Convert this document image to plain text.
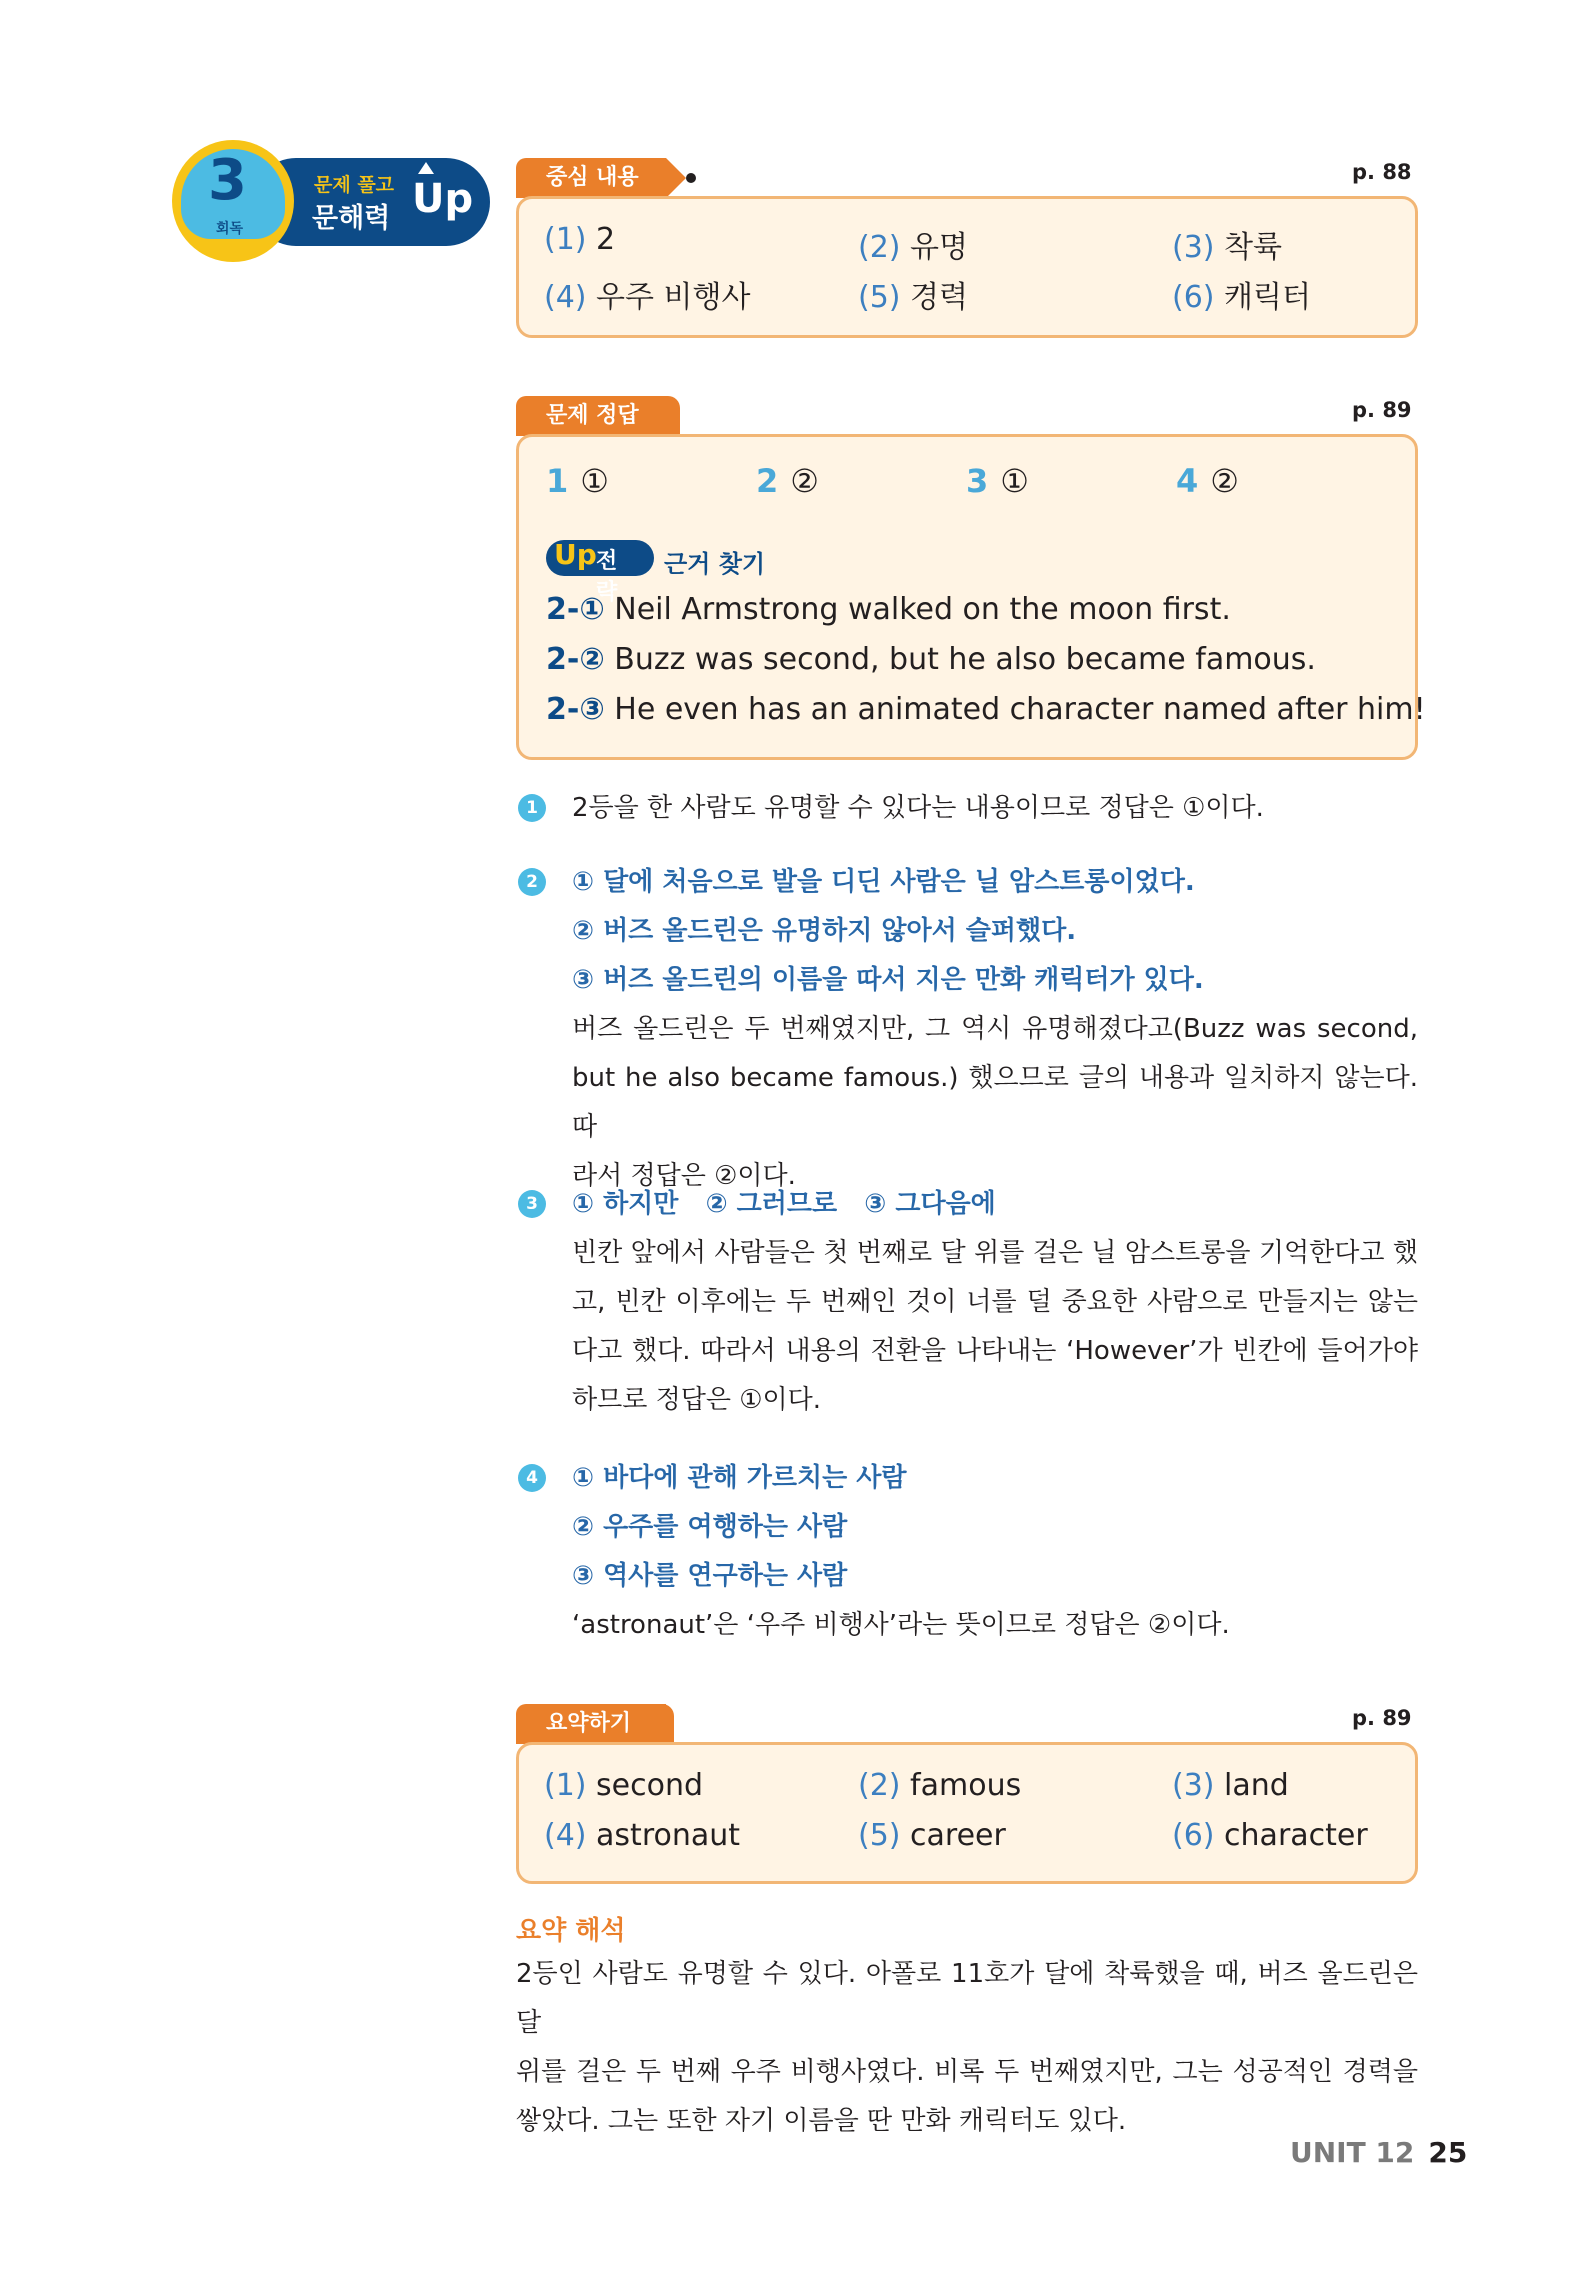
3
회독
문제 풀고
문해력 Up	중심 내용	p. 88
(1) 2	(2) 유명	(3) 착륙
(4) 우주 비행사	(5) 경력	(6) 캐릭터
문제 정답	p. 89
1 ①	2 ②	3 ①	4 ②
Up 전략
근거 찾기
2-① Neil Armstrong walked on the moon first.
2-② Buzz was second, but he also became famous.
2-③ He even has an animated character named after him!
1	2등을 한 사람도 유명할 수 있다는 내용이므로 정답은 ①이다.
2	① 달에 처음으로 발을 디딘 사람은 닐 암스트롱이었다.
② 버즈 올드린은 유명하지 않아서 슬퍼했다.
③ 버즈 올드린의 이름을 따서 지은 만화 캐릭터가 있다.
버즈 올드린은 두 번째였지만, 그 역시 유명해졌다고(Buzz was second,
but he also became famous.) 했으므로 글의 내용과 일치하지 않는다. 따
라서 정답은 ②이다.
3	① 하지만 ② 그러므로 ③ 그다음에
빈칸 앞에서 사람들은 첫 번째로 달 위를 걸은 닐 암스트롱을 기억한다고 했
고, 빈칸 이후에는 두 번째인 것이 너를 덜 중요한 사람으로 만들지는 않는
다고 했다. 따라서 내용의 전환을 나타내는 ‘However’가 빈칸에 들어가야
하므로 정답은 ①이다.
4	① 바다에 관해 가르치는 사람
② 우주를 여행하는 사람
③ 역사를 연구하는 사람
‘astronaut’은 ‘우주 비행사’라는 뜻이므로 정답은 ②이다.
요약하기	p. 89
(1) second	(2) famous	(3) land
(4) astronaut	(5) career	(6) character
요약 해석
2등인 사람도 유명할 수 있다. 아폴로 11호가 달에 착륙했을 때, 버즈 올드린은 달
위를 걸은 두 번째 우주 비행사였다. 비록 두 번째였지만, 그는 성공적인 경력을
쌓았다. 그는 또한 자기 이름을 딴 만화 캐릭터도 있다.
UNIT 12 25
